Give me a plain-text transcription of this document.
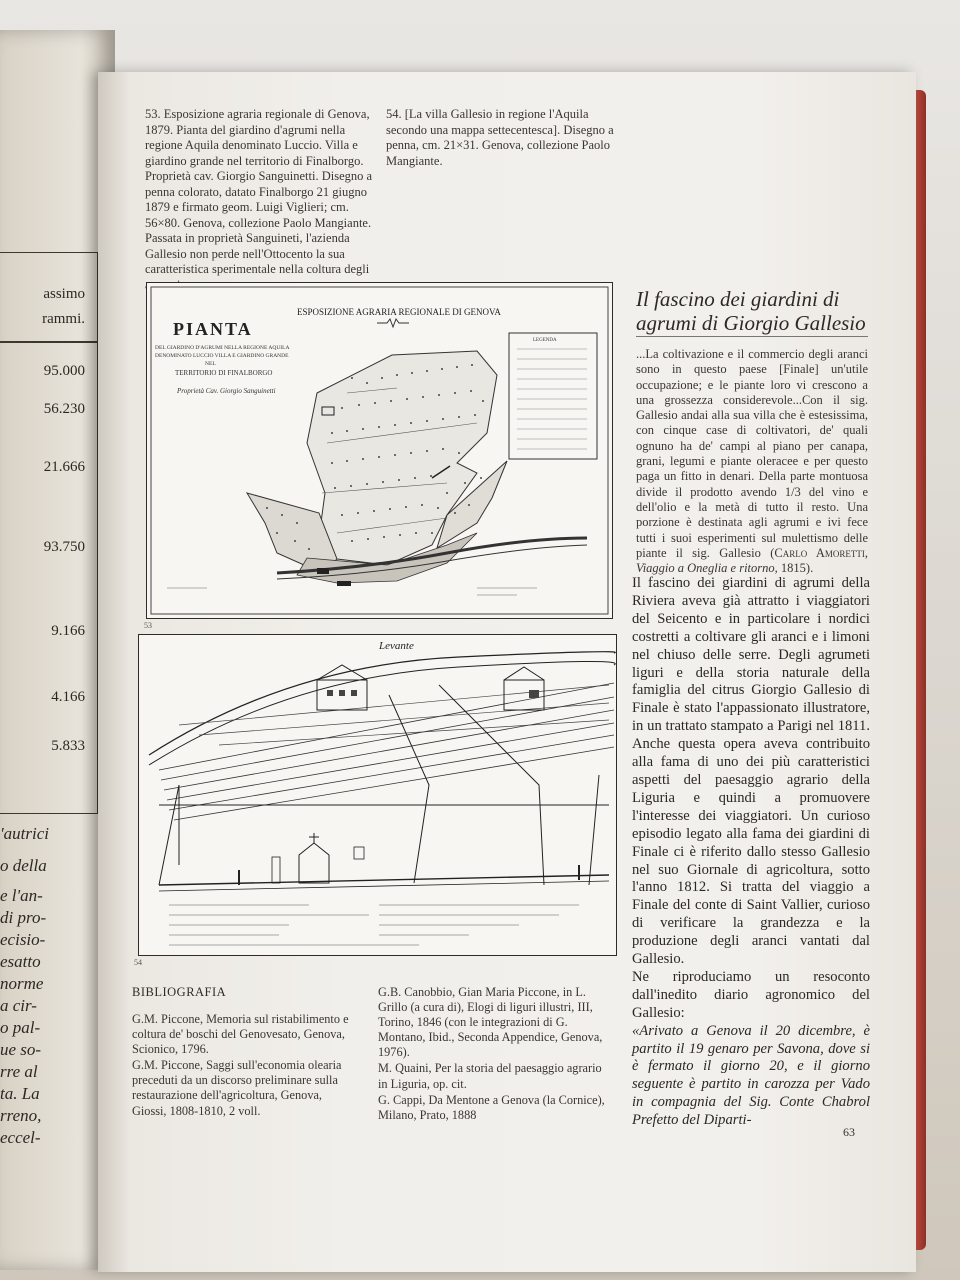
assimo
rammi.
95.000
56.230
21.666
93.750
9.166
4.166
5.833
'autrici
o della
e l'an-
di pro-
ecisio-
esatto
norme
a cir-
o pal-
ue so-
rre al
ta. La
rreno,
eccel-
53. Esposizione agraria regionale di Genova, 1879. Pianta del giardino d'agrumi nella regione Aquila denominato Luccio. Villa e giardino grande nel territorio di Finalborgo. Proprietà cav. Giorgio Sanguinetti. Disegno a penna colorato, datato Finalborgo 21 giugno 1879 e firmato geom. Luigi Viglieri; cm. 56×80. Genova, collezione Paolo Mangiante. Passata in proprietà Sanguineti, l'azienda Gallesio non perde nell'Ottocento la sua caratteristica sperimentale nella coltura degli
54. [La villa Gallesio in regione l'Aquila secondo una mappa settecentesca]. Disegno a penna, cm. 21×31. Genova, collezione Paolo Mangiante.
ESPOSIZIONE AGRARIA REGIONALE DI GENOVA
PIANTA
DEL GIARDINO D'AGRUMI NELLA REGIONE AQUILA
DENOMINATO LUCCIO VILLA E GIARDINO GRANDE
NEL
TERRITORIO DI FINALBORGO
Proprietà Cav. Giorgio Sanguinetti
LEGENDA
53
Levante
54
Il fascino dei giardini di agrumi di Giorgio Gallesio
...La coltivazione e il commercio degli aranci sono in questo paese [Finale] un'utile occupazione; e le piante loro vi crescono a una grossezza considerevole...Con il sig. Gallesio andai alla sua villa che è estesissima, con cinque case di coltivatori, de' quali ognuno ha de' campi al piano per canapa, grani, legumi e piante oleracee e per questo paga un fitto in denari. Della parte montuosa divide il prodotto avendo 1/3 del vino e dell'olio e la metà di tutto il resto. Una porzione è destinata agli agrumi e ivi fece tutti i suoi esperimenti sul mulettismo delle piante il sig. Gallesio (Carlo Amoretti, Viaggio a Oneglia e ritorno, 1815).

Il fascino dei giardini di agrumi della Riviera aveva già attratto i viaggiatori del Seicento e in particolare i nordici costretti a coltivare gli aranci e i limoni nel chiuso delle serre. Degli agrumeti liguri e della storia naturale della famiglia del citrus Giorgio Gallesio di Finale è stato l'appassionato illustratore, in un trattato stampato a Parigi nel 1811. Anche questa opera aveva contribuito alla fama di uno dei più caratteristici aspetti del paesaggio agrario della Liguria e quindi a promuovere l'interesse dei viaggiatori. Un curioso episodio legato alla fama dei giardini di Finale ci è riferito dallo stesso Gallesio nel suo Giornale di agricoltura, sotto l'anno 1812. Si tratta del viaggio a Finale del conte di Saint Vallier, curioso di verificare la grandezza e la produzione degli aranci vantati dal Gallesio.

Ne riproduciamo un resoconto dall'inedito diario agronomico del Gallesio:

«Arivato a Genova il 20 dicembre, è partito il 19 genaro per Savona, dove si è fermato il giorno 20, e il giorno seguente è partito in carozza per Vado in compagnia del Sig. Conte Chabrol Prefetto del Diparti-

BIBLIOGRAFIA

G.M. Piccone, Memoria sul ristabilimento e coltura de' boschi del Genovesato, Genova, Scionico, 1796.

G.M. Piccone, Saggi sull'economia olearia preceduti da un discorso preliminare sulla restaurazione dell'agricoltura, Genova, Giossi, 1808-1810, 2 voll.

G.B. Canobbio, Gian Maria Piccone, in L. Grillo (a cura di), Elogi di liguri illustri, III, Torino, 1846 (con le integrazioni di G. Montano, Ibid., Seconda Appendice, Genova, 1976).

M. Quaini, Per la storia del paesaggio agrario in Liguria, op. cit.

G. Cappi, Da Mentone a Genova (la Cornice), Milano, Prato, 1888

63
